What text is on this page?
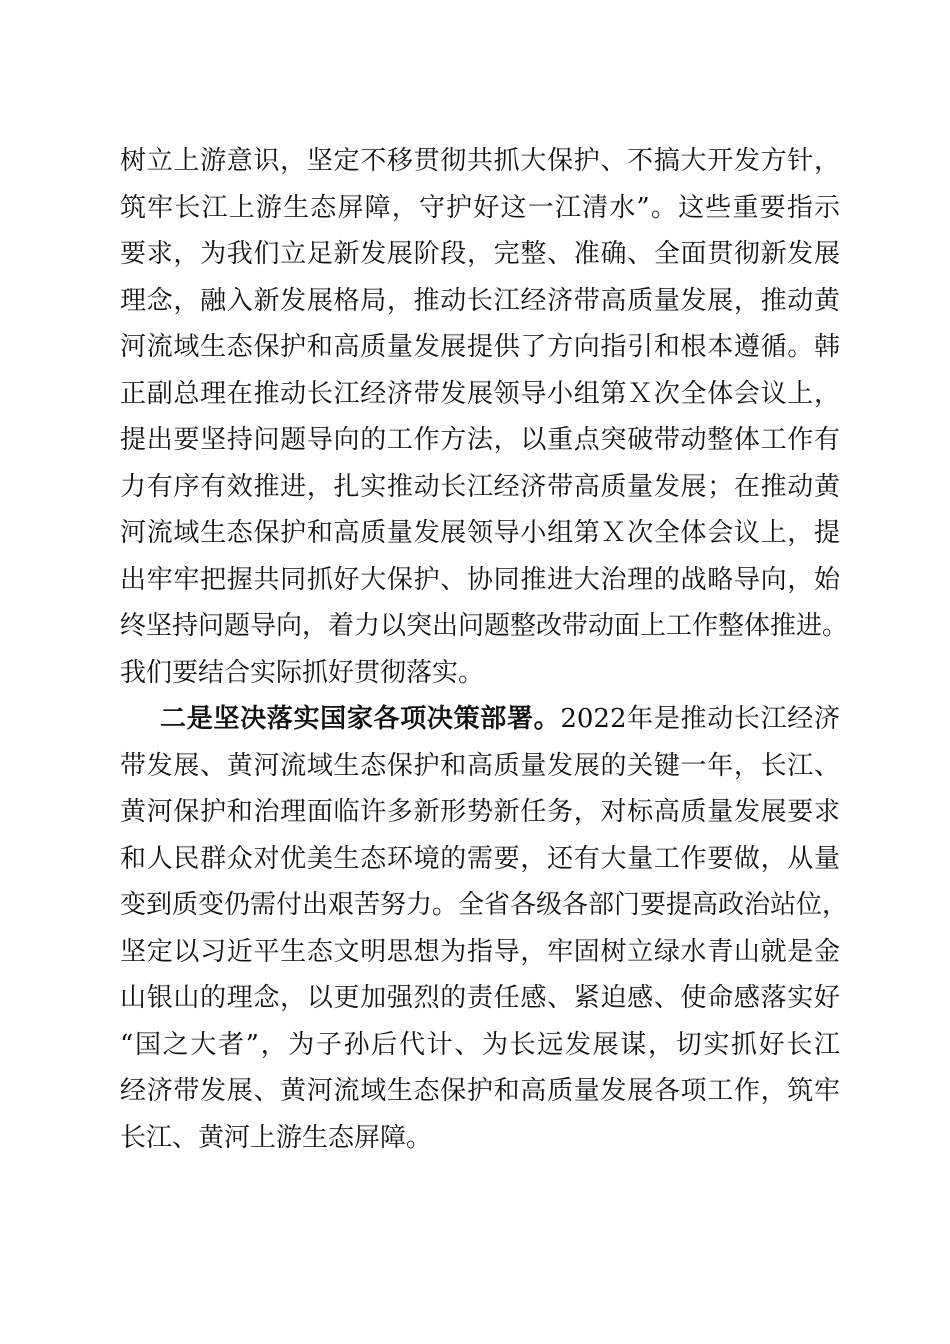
树立上游意识，坚定不移贯彻共抓大保护、不搞大开发方针，
筑牢长江上游生态屏障，守护好这一江清水”。这些重要指示
要求，为我们立足新发展阶段，完整、准确、全面贯彻新发展
理念，融入新发展格局，推动长江经济带高质量发展，推动黄
河流域生态保护和高质量发展提供了方向指引和根本遵循。韩
正副总理在推动长江经济带发展领导小组第Ｘ次全体会议上，
提出要坚持问题导向的工作方法，以重点突破带动整体工作有
力有序有效推进，扎实推动长江经济带高质量发展；在推动黄
河流域生态保护和高质量发展领导小组第Ｘ次全体会议上，提
出牢牢把握共同抓好大保护、协同推进大治理的战略导向，始
终坚持问题导向，着力以突出问题整改带动面上工作整体推进。
我们要结合实际抓好贯彻落实。
二是坚决落实国家各项决策部署。2022年是推动长江经济
带发展、黄河流域生态保护和高质量发展的关键一年，长江、
黄河保护和治理面临许多新形势新任务，对标高质量发展要求
和人民群众对优美生态环境的需要，还有大量工作要做，从量
变到质变仍需付出艰苦努力。全省各级各部门要提高政治站位，
坚定以习近平生态文明思想为指导，牢固树立绿水青山就是金
山银山的理念，以更加强烈的责任感、紧迫感、使命感落实好
“国之大者”，为子孙后代计、为长远发展谋，切实抓好长江
经济带发展、黄河流域生态保护和高质量发展各项工作，筑牢
长江、黄河上游生态屏障。
